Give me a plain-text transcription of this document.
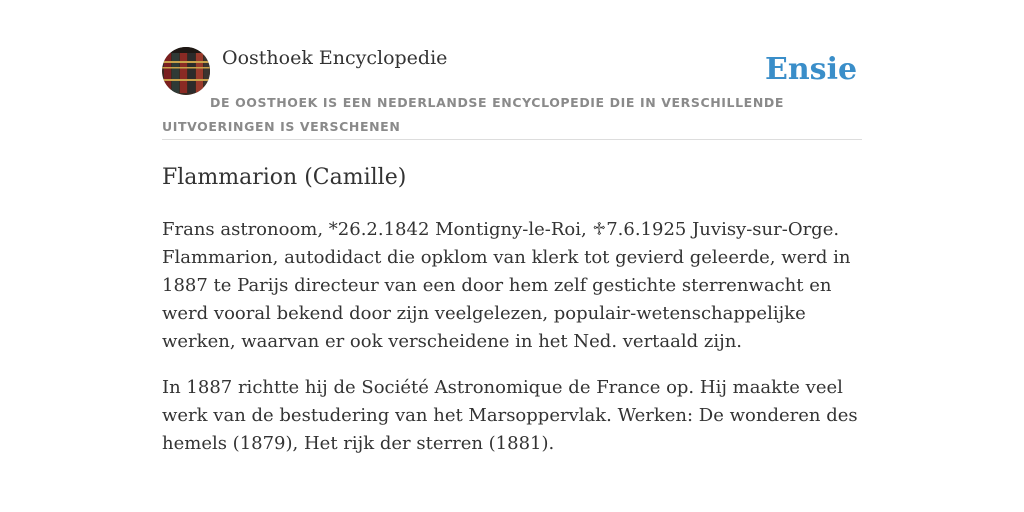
Oosthoek Encyclopedie	Ensie

DE OOSTHOEK IS EEN NEDERLANDSE ENCYCLOPEDIE DIE IN VERSCHILLENDE UITVOERINGEN IS VERSCHENEN

Flammarion (Camille)

Frans astronoom, *26.2.1842 Montigny-le-Roi, ♱7.6.1925 Juvisy-sur-Orge. Flammarion, autodidact die opklom van klerk tot gevierd geleerde, werd in 1887 te Parijs directeur van een door hem zelf gestichte sterrenwacht en werd vooral bekend door zijn veelgelezen, populair-wetenschappelijke werken, waarvan er ook verscheidene in het Ned. vertaald zijn.

In 1887 richtte hij de Société Astronomique de France op. Hij maakte veel werk van de bestudering van het Marsoppervlak. Werken: De wonderen des hemels (1879), Het rijk der sterren (1881).
